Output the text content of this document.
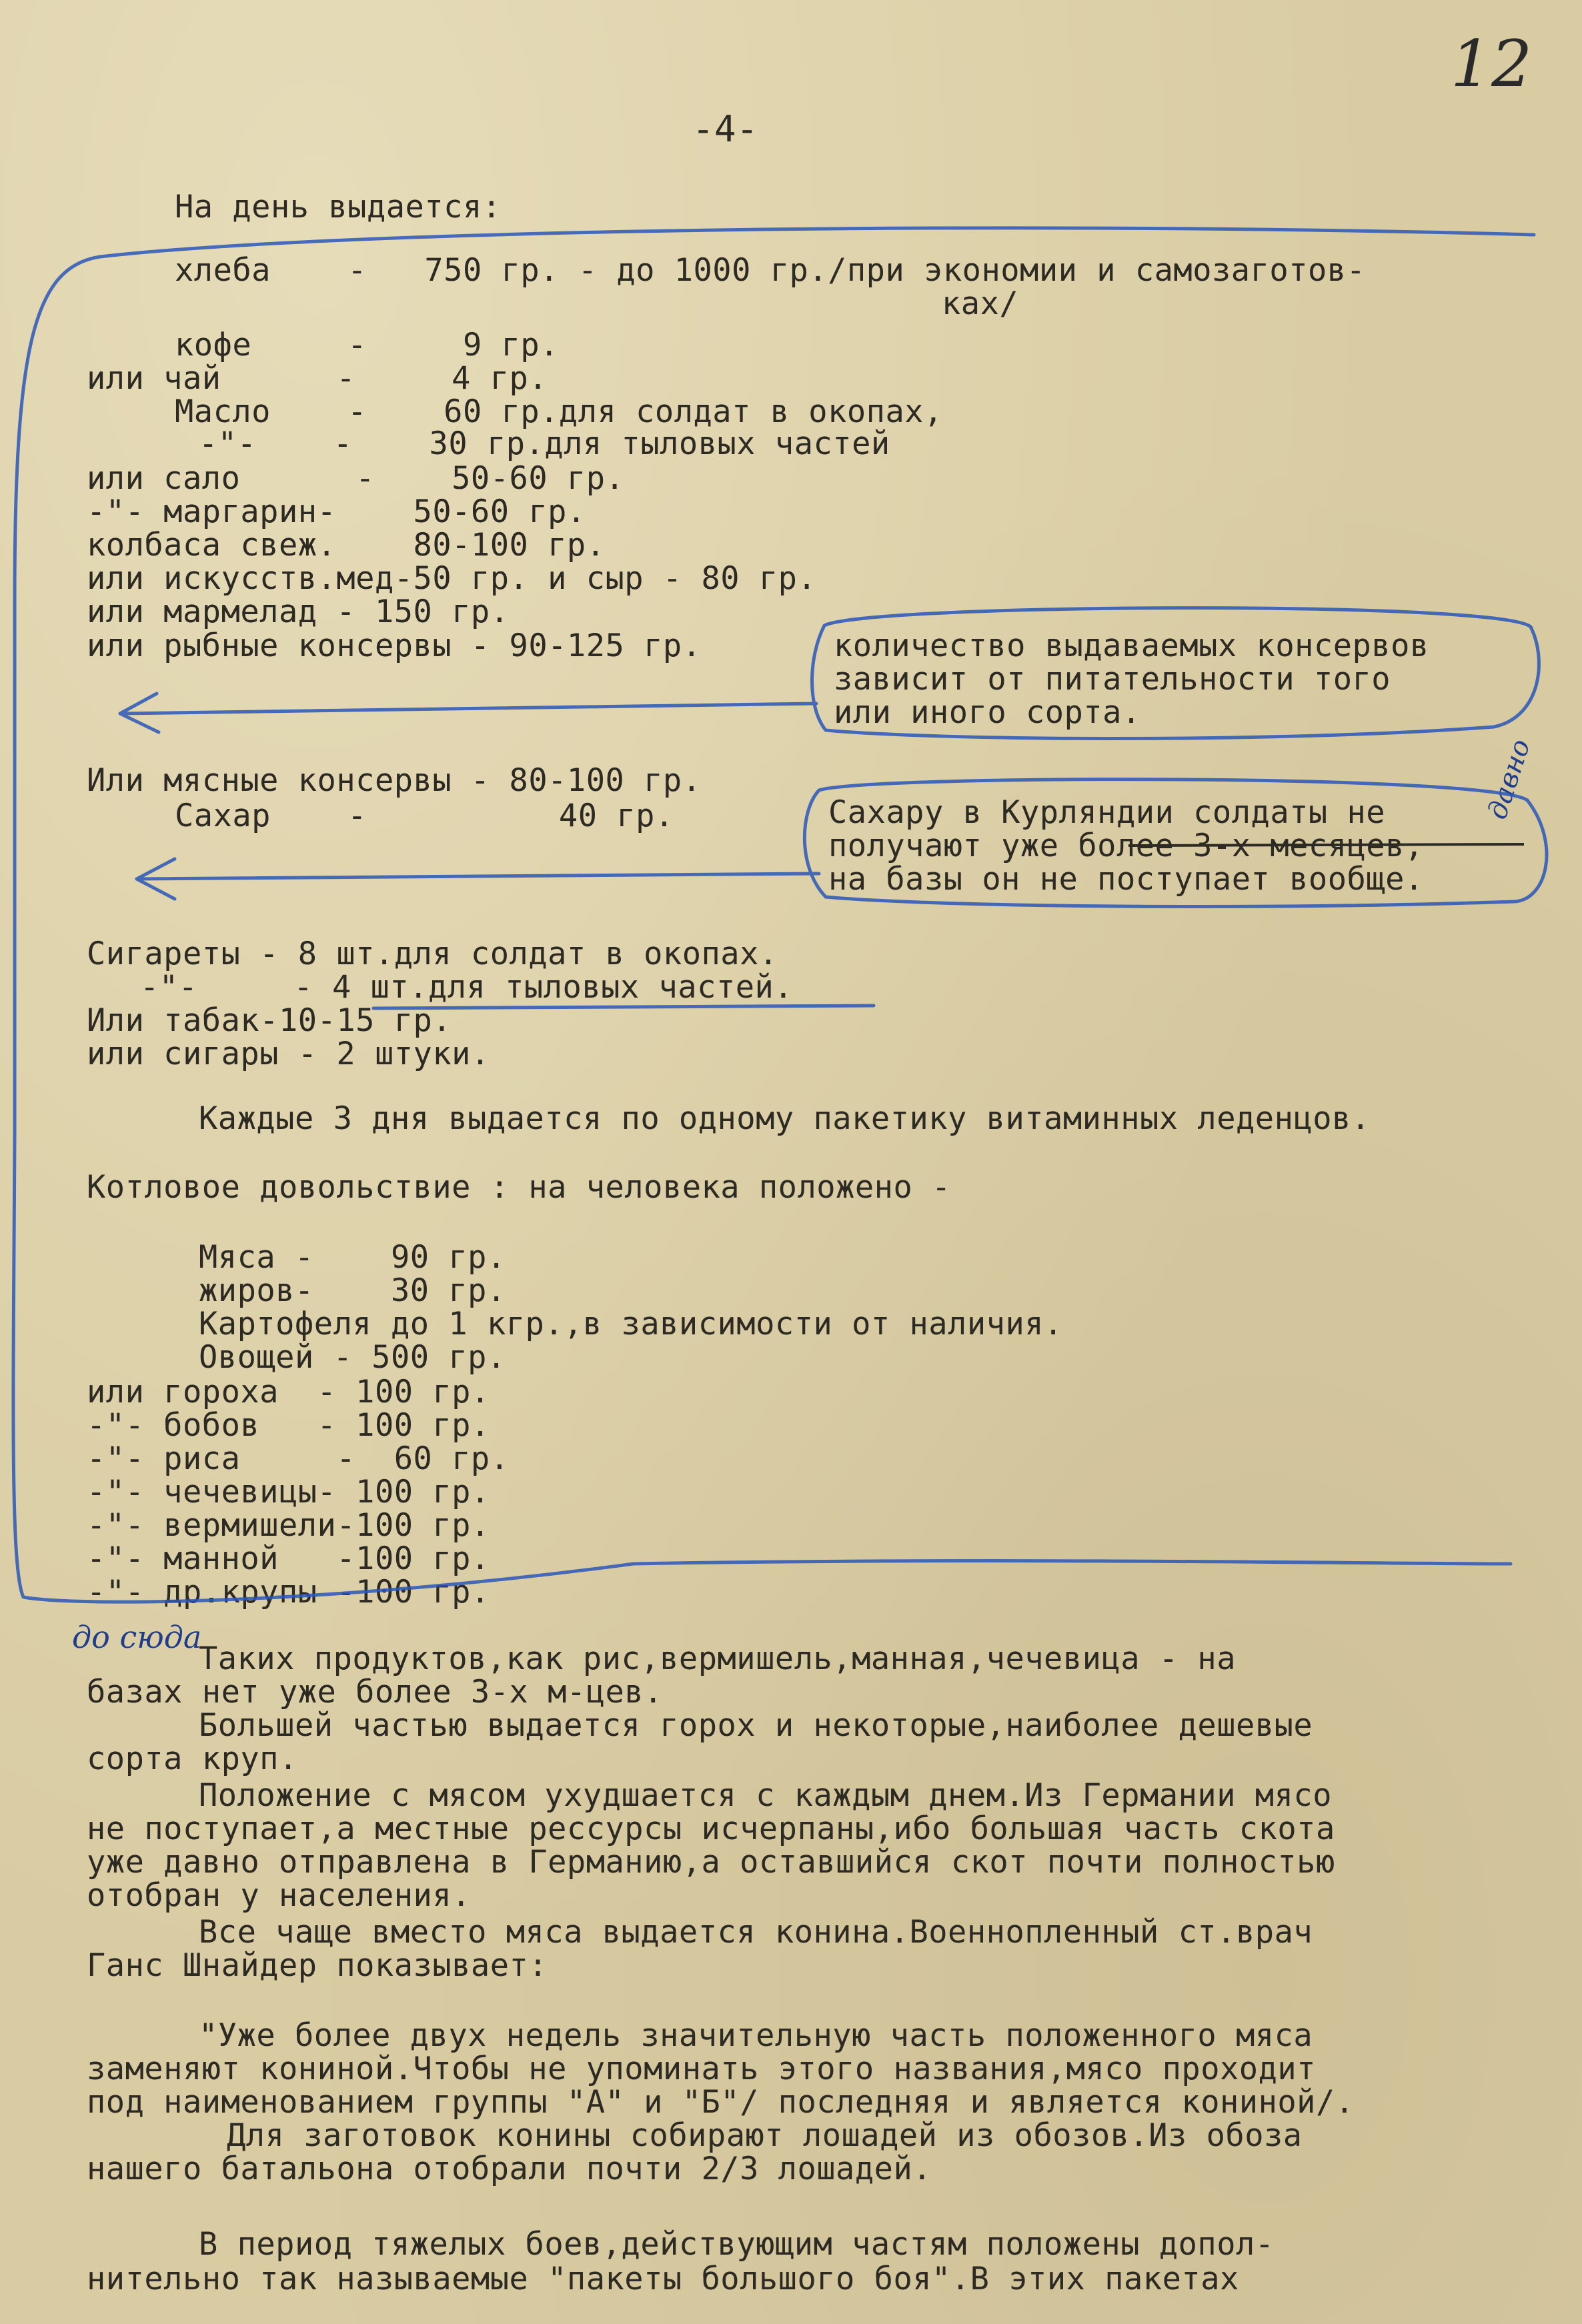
12
-4-
На день выдается:
хлеба    -   750 гр. - до 1000 гр./при экономии и самозаготов-
ках/
кофе     -     9 гр.
или чай      -     4 гр.
Масло    -    60 гр.для солдат в окопах,
-"-    -    30 гр.для тыловых частей
или сало      -    50-60 гр.
-"- маргарин-    50-60 гр.
колбаса свеж.    80-100 гр.
или искусств.мед-50 гр. и сыр - 80 гр.
или мармелад - 150 гр.
или рыбные консервы - 90-125 гр.	количество выдаваемых консервов
зависит от питательности того
или иного сорта.
Или мясные консервы - 80-100 гр.
Сахар    -          40 гр.	Сахару в Курляндии солдаты не
получают уже более 3-х месяцев,
на базы он не поступает вообще.
Сигареты - 8 шт.для солдат в окопах.
-"-     - 4 шт.для тыловых частей.
Или табак-10-15 гр.
или сигары - 2 штуки.
Каждые 3 дня выдается по одному пакетику витаминных леденцов.
Котловое довольствие : на человека положено -
Мяса -    90 гр.
жиров-    30 гр.
Картофеля до 1 кгр.,в зависимости от наличия.
Овощей - 500 гр.
или гороха  - 100 гр.
-"- бобов   - 100 гр.
-"- риса     -  60 гр.
-"- чечевицы- 100 гр.
-"- вермишели-100 гр.
-"- манной   -100 гр.
-"- др.крупы -100 гр.
Таких продуктов,как рис,вермишель,манная,чечевица - на
базах нет уже более 3-х м-цев.
Большей частью выдается горох и некоторые,наиболее дешевые
сорта круп.
Положение с мясом ухудшается с каждым днем.Из Германии мясо
не поступает,а местные рессурсы исчерпаны,ибо большая часть скота
уже давно отправлена в Германию,а оставшийся скот почти полностью
отобран у населения.
Все чаще вместо мяса выдается конина.Военнопленный ст.врач
Ганс Шнайдер показывает:
"Уже более двух недель значительную часть положенного мяса
заменяют кониной.Чтобы не упоминать этого названия,мясо проходит
под наименованием группы "А" и "Б"/ последняя и является кониной/.
Для заготовок конины собирают лошадей из обозов.Из обоза
нашего батальона отобрали почти 2/3 лошадей.
В период тяжелых боев,действующим частям положены допол-
нительно так называемые "пакеты большого боя".В этих пакетах
до сюда
давно
